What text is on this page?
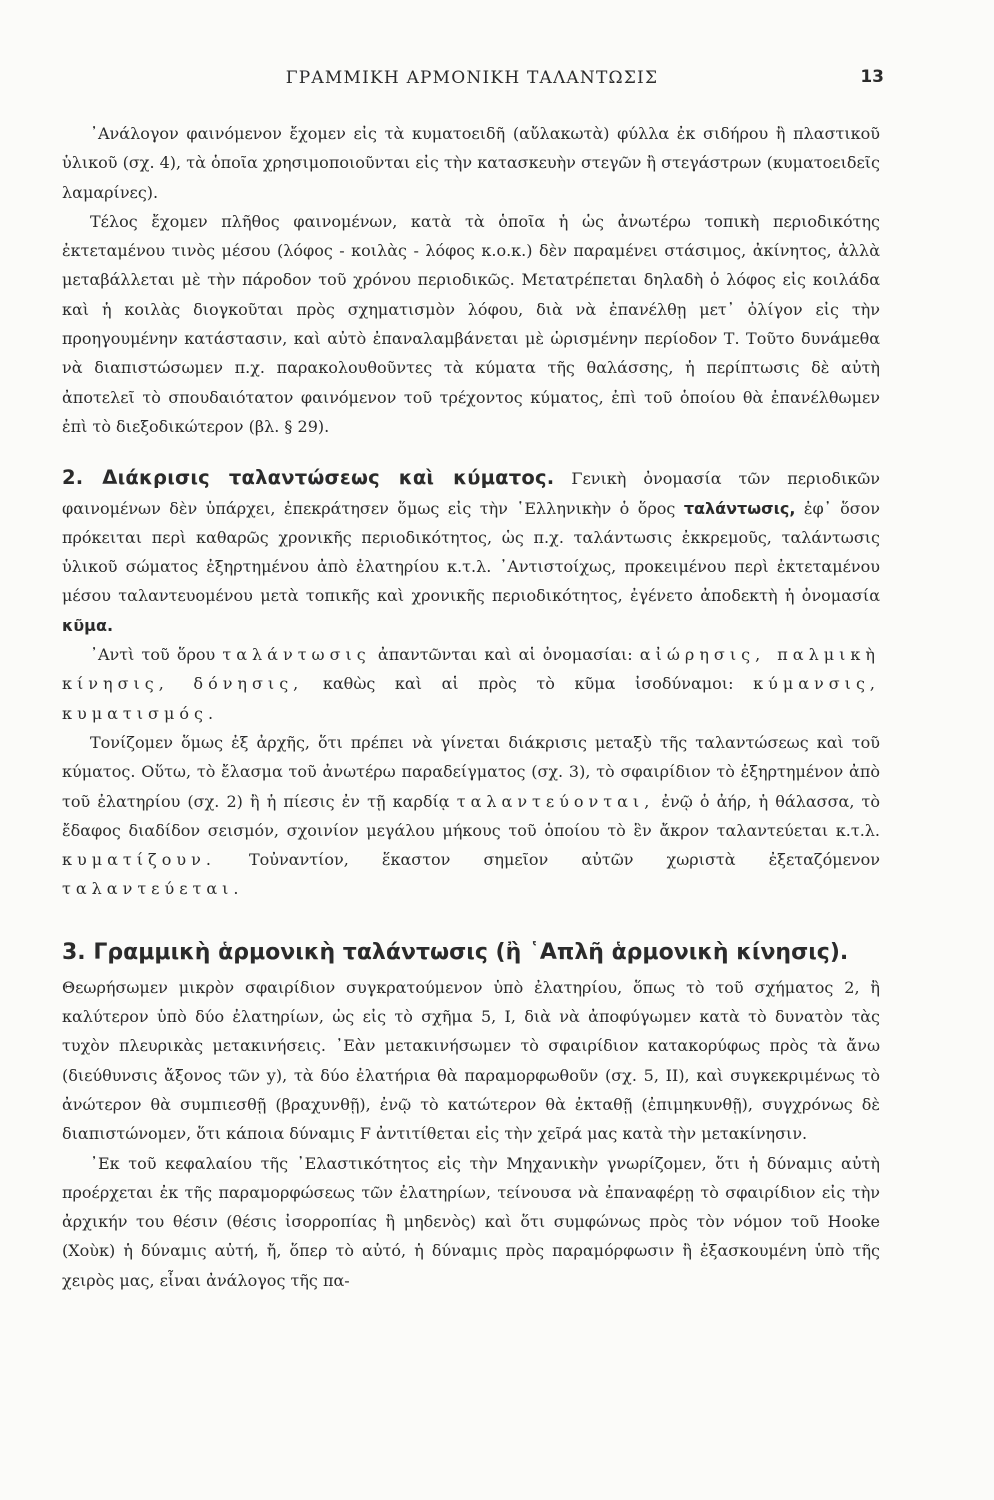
ΓΡΑΜΜΙΚΗ ΑΡΜΟΝΙΚΗ ΤΑΛΑΝΤΩΣΙΣ	13

᾿Ανάλογον φαινόμενον ἔχομεν εἰς τὰ κυματοειδῆ (αὔλακωτὰ) φύλλα ἐκ σιδήρου ἢ πλαστικοῦ ὑλικοῦ (σχ. 4), τὰ ὁποῖα χρησιμοποιοῦνται εἰς τὴν κατασκευὴν στεγῶν ἢ στεγάστρων (κυματοειδεῖς λαμαρίνες).

Τέλος ἔχομεν πλῆθος φαινομένων, κατὰ τὰ ὁποῖα ἡ ὡς ἀνωτέρω τοπικὴ περιοδικότης ἐκτεταμένου τινὸς μέσου (λόφος - κοιλὰς - λόφος κ.ο.κ.) δὲν παραμένει στάσιμος, ἀκίνητος, ἀλλὰ μεταβάλλεται μὲ τὴν πάροδον τοῦ χρόνου περιοδικῶς. Μετατρέπεται δηλαδὴ ὁ λόφος εἰς κοιλάδα καὶ ἡ κοιλὰς διογκοῦται πρὸς σχηματισμὸν λόφου, διὰ νὰ ἐπανέλθῃ μετ᾿ ὀλίγον εἰς τὴν προηγουμένην κατάστασιν, καὶ αὐτὸ ἐπαναλαμβάνεται μὲ ὡρισμένην περίοδον Τ. Τοῦτο δυνάμεθα νὰ διαπιστώσωμεν π.χ. παρακολουθοῦντες τὰ κύματα τῆς θαλάσσης, ἡ περίπτωσις δὲ αὐτὴ ἀποτελεῖ τὸ σπουδαιότατον φαινόμενον τοῦ τρέχοντος κύματος, ἐπὶ τοῦ ὁποίου θὰ ἐπανέλθωμεν ἐπὶ τὸ διεξοδικώτερον (βλ. § 29).

2. Διάκρισις ταλαντώσεως καὶ κύματος. Γενικὴ ὀνομασία τῶν περιοδικῶν φαινομένων δὲν ὑπάρχει, ἐπεκράτησεν ὅμως εἰς τὴν ῾Ελληνικὴν ὁ ὅρος ταλάντωσις, ἐφ᾿ ὅσον πρόκειται περὶ καθαρῶς χρονικῆς περιοδικότητος, ὡς π.χ. ταλάντωσις ἐκκρεμοῦς, ταλάντωσις ὑλικοῦ σώματος ἐξηρτημένου ἀπὸ ἐλατηρίου κ.τ.λ. ᾿Αντιστοίχως, προκειμένου περὶ ἐκτεταμένου μέσου ταλαντευομένου μετὰ τοπικῆς καὶ χρονικῆς περιοδικότητος, ἐγένετο ἀποδεκτὴ ἡ ὀνομασία κῦμα.

᾿Αντὶ τοῦ ὅρου ταλάντωσις ἀπαντῶνται καὶ αἱ ὀνομασίαι: αἰώρησις, παλμικὴ κίνησις, δόνησις, καθὼς καὶ αἱ πρὸς τὸ κῦμα ἰσοδύναμοι: κύμανσις, κυματισμός.

Τονίζομεν ὅμως ἐξ ἀρχῆς, ὅτι πρέπει νὰ γίνεται διάκρισις μεταξὺ τῆς ταλαντώσεως καὶ τοῦ κύματος. Οὕτω, τὸ ἔλασμα τοῦ ἀνωτέρω παραδείγματος (σχ. 3), τὸ σφαιρίδιον τὸ ἐξηρτημένον ἀπὸ τοῦ ἐλατηρίου (σχ. 2) ἢ ἡ πίεσις ἐν τῇ καρδίᾳ ταλαντεύονται, ἐνῷ ὁ ἀήρ, ἡ θάλασσα, τὸ ἔδαφος διαδίδον σεισμόν, σχοινίον μεγάλου μήκους τοῦ ὁποίου τὸ ἓν ἄκρον ταλαντεύεται κ.τ.λ. κυματίζουν. Τοὐναντίον, ἕκαστον σημεῖον αὐτῶν χωριστὰ ἐξεταζόμενον ταλαντεύεται.

3. Γραμμικὴ ἁρμονικὴ ταλάντωσις (ἢ ῾Απλῆ ἁρμονικὴ κίνησις).

Θεωρήσωμεν μικρὸν σφαιρίδιον συγκρατούμενον ὑπὸ ἐλατηρίου, ὅπως τὸ τοῦ σχήματος 2, ἢ καλύτερον ὑπὸ δύο ἐλατηρίων, ὡς εἰς τὸ σχῆμα 5, Ι, διὰ νὰ ἀποφύγωμεν κατὰ τὸ δυνατὸν τὰς τυχὸν πλευρικὰς μετακινήσεις. ᾿Εὰν μετακινήσωμεν τὸ σφαιρίδιον κατακορύφως πρὸς τὰ ἄνω (διεύθυνσις ἄξονος τῶν y), τὰ δύο ἐλατήρια θὰ παραμορφωθοῦν (σχ. 5, ΙΙ), καὶ συγκεκριμένως τὸ ἀνώτερον θὰ συμπιεσθῇ (βραχυνθῇ), ἐνῷ τὸ κατώτερον θὰ ἐκταθῇ (ἐπιμηκυνθῇ), συγχρόνως δὲ διαπιστώνομεν, ὅτι κάποια δύναμις F ἀντιτίθεται εἰς τὴν χεῖρά μας κατὰ τὴν μετακίνησιν.

᾿Εκ τοῦ κεφαλαίου τῆς ᾿Ελαστικότητος εἰς τὴν Μηχανικὴν γνωρίζομεν, ὅτι ἡ δύναμις αὐτὴ προέρχεται ἐκ τῆς παραμορφώσεως τῶν ἐλατηρίων, τείνουσα νὰ ἐπαναφέρῃ τὸ σφαιρίδιον εἰς τὴν ἀρχικήν του θέσιν (θέσις ἰσορροπίας ἢ μηδενὸς) καὶ ὅτι συμφώνως πρὸς τὸν νόμον τοῦ Hooke (Χοὺκ) ἡ δύναμις αὐτή, ἤ, ὅπερ τὸ αὐτό, ἡ δύναμις πρὸς παραμόρφωσιν ἢ ἐξασκουμένη ὑπὸ τῆς χειρὸς μας, εἶναι ἀνάλογος τῆς πα-
